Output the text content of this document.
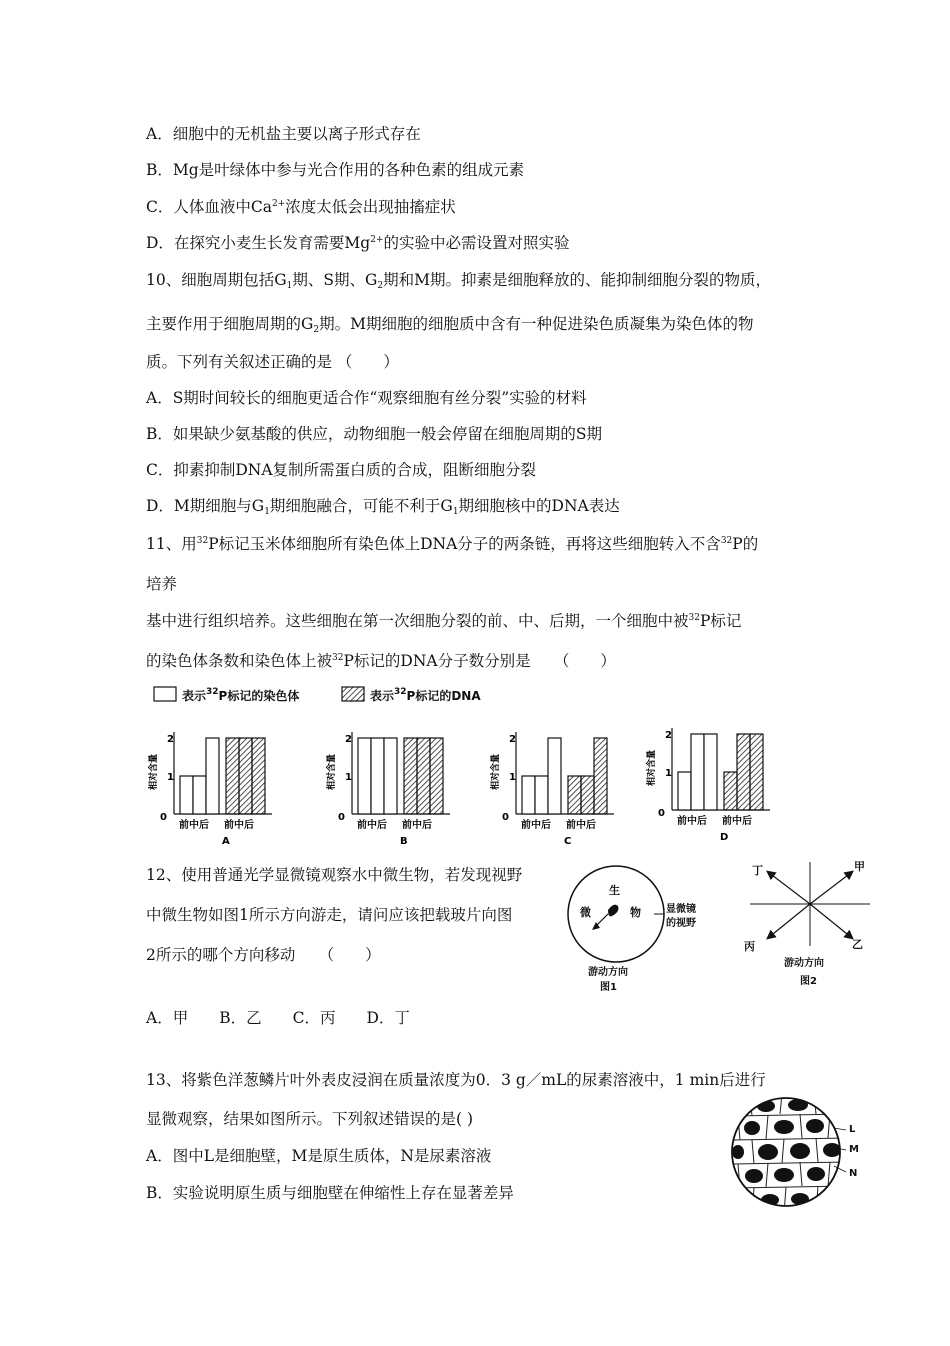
A．细胞中的无机盐主要以离子形式存在
B．Mg是叶绿体中参与光合作用的各种色素的组成元素
C．人体血液中$Ca^{2+}$浓度太低会出现抽搐症状
D．在探究小麦生长发育需要$Mg^{2+}$的实验中必需设置对照实验
10、细胞周期包括$G_1$期、S期、$G_2$期和M期。抑素是细胞释放的、能抑制细胞分裂的物质，
主要作用于细胞周期的$G_2$期。M期细胞的细胞质中含有一种促进染色质凝集为染色体的物
质。下列有关叙述正确的是 （　　）
A．S期时间较长的细胞更适合作“观察细胞有丝分裂”实验的材料
B．如果缺少氨基酸的供应，动物细胞一般会停留在细胞周期的S期
C．抑素抑制DNA复制所需蛋白质的合成，阻断细胞分裂
D．M期细胞与$G_1$期细胞融合，可能不利于$G_1$期细胞核中的DNA表达
11、用$^{32}$P标记玉米体细胞所有染色体上DNA分子的两条链，再将这些细胞转入不含$^{32}$P的
培养
基中进行组织培养。这些细胞在第一次细胞分裂的前、中、后期，一个细胞中被$^{32}$P标记
的染色体条数和染色体上被$^{32}$P标记的DNA分子数分别是　　（　　）
表示$^{32}$P标记的染色体	表示$^{32}$P标记的DNA
0
1
2
相对含量
前中后 前中后
A
0
1
2
相对含量
前中后 前中后
B
0
1
2
相对含量
前中后 前中后
C
0
1
2
相对含量
前中后 前中后
D
12、使用普通光学显微镜观察水中微生物，若发现视野
中微生物如图1所示方向游走，请问应该把载玻片向图
2所示的哪个方向移动　　（　　）
A．甲　　B．乙　　C．丙　　D．丁
生
微	物	显微镜
的视野
游动方向
图1
丁	甲
丙	乙
游动方向
图2
13、将紫色洋葱鳞片叶外表皮浸润在质量浓度为0．3 g／mL的尿素溶液中，1 min后进行
显微观察，结果如图所示。下列叙述错误的是( )
A．图中L是细胞壁，M是原生质体，N是尿素溶液
B．实验说明原生质与细胞壁在伸缩性上存在显著差异
L
M
N
